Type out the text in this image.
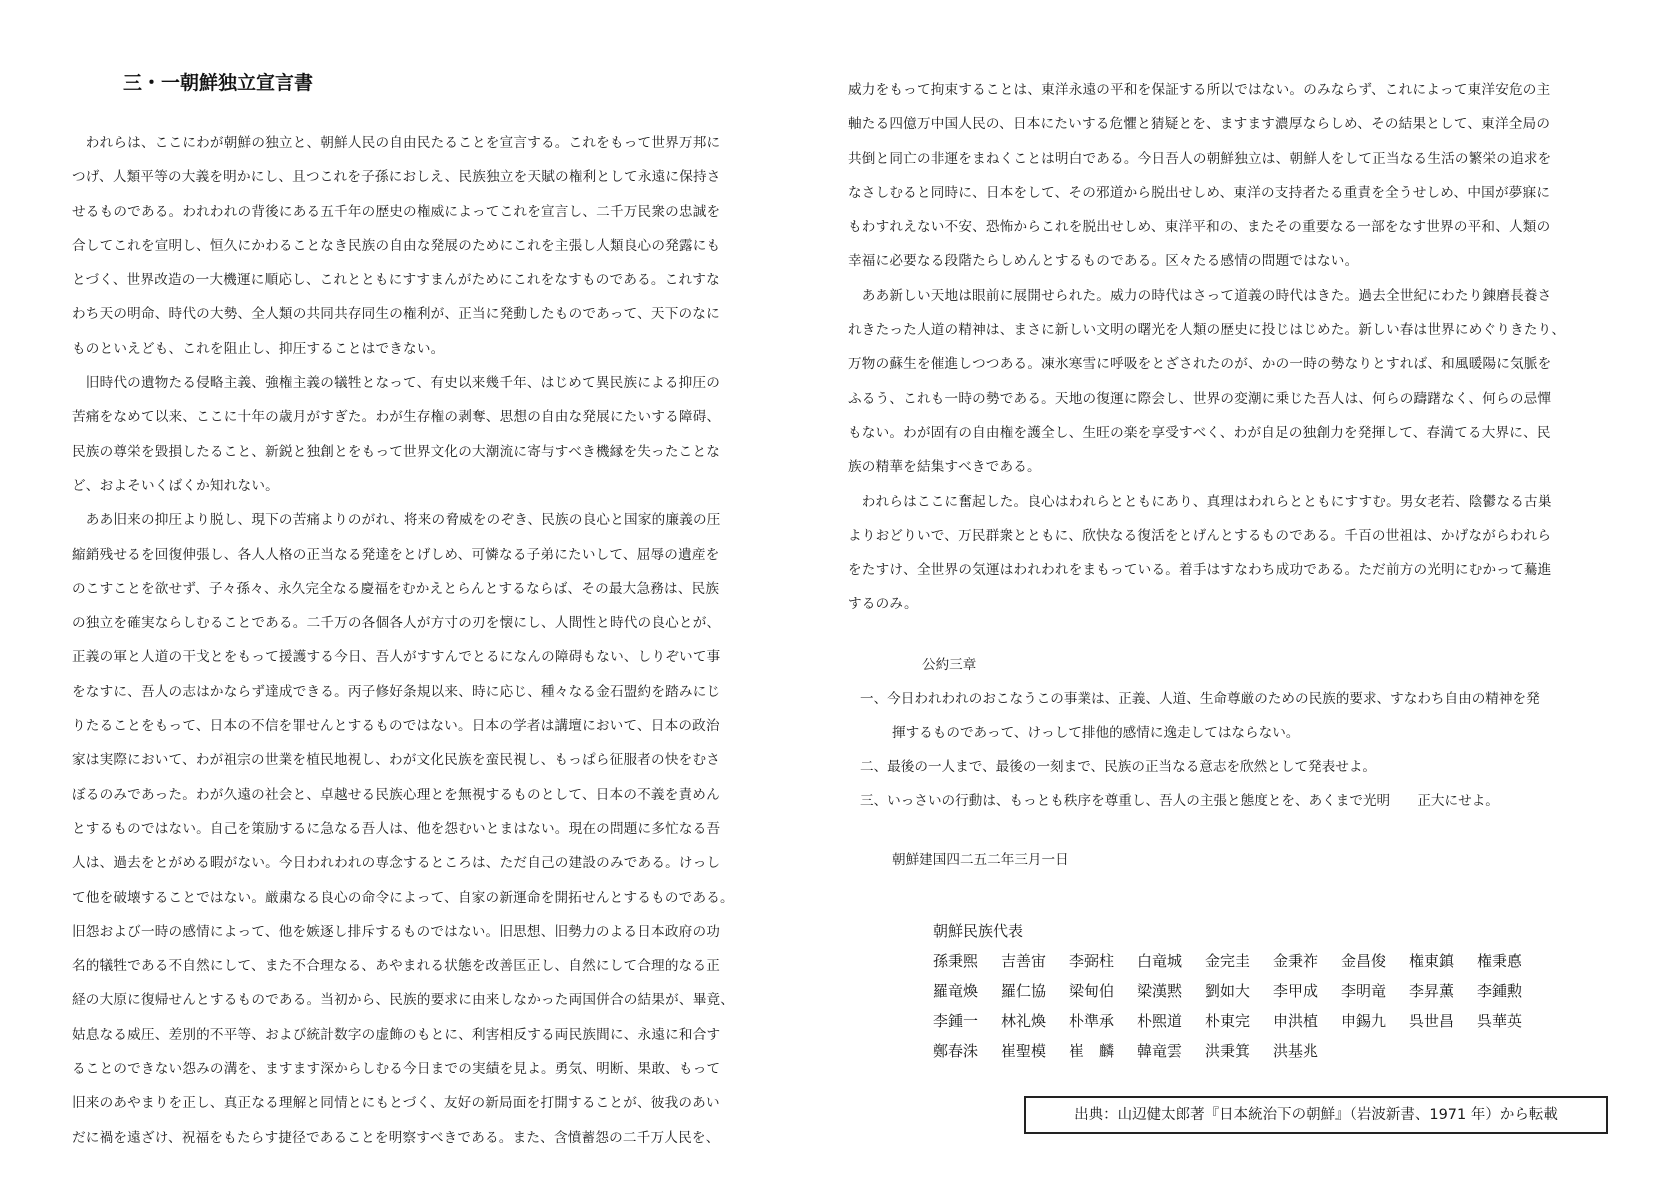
三・一朝鮮独立宣言書
　われらは、ここにわが朝鮮の独立と、朝鮮人民の自由民たることを宣言する。これをもって世界万邦に
つげ、人類平等の大義を明かにし、且つこれを子孫におしえ、民族独立を天賦の権利として永遠に保持さ
せるものである。われわれの背後にある五千年の歴史の権威によってこれを宣言し、二千万民衆の忠誠を
合してこれを宣明し、恒久にかわることなき民族の自由な発展のためにこれを主張し人類良心の発露にも
とづく、世界改造の一大機運に順応し、これとともにすすまんがためにこれをなすものである。これすな
わち天の明命、時代の大勢、全人類の共同共存同生の権利が、正当に発動したものであって、天下のなに
ものといえども、これを阻止し、抑圧することはできない。
　旧時代の遺物たる侵略主義、強権主義の犠牲となって、有史以来幾千年、はじめて異民族による抑圧の
苦痛をなめて以来、ここに十年の歳月がすぎた。わが生存権の剥奪、思想の自由な発展にたいする障碍、
民族の尊栄を毀損したること、新鋭と独創とをもって世界文化の大潮流に寄与すべき機縁を失ったことな
ど、およそいくばくか知れない。
　ああ旧来の抑圧より脱し、現下の苦痛よりのがれ、将来の脅威をのぞき、民族の良心と国家的廉義の圧
縮銷残せるを回復伸張し、各人人格の正当なる発達をとげしめ、可憐なる子弟にたいして、屈辱の遺産を
のこすことを欲せず、子々孫々、永久完全なる慶福をむかえとらんとするならば、その最大急務は、民族
の独立を確実ならしむることである。二千万の各個各人が方寸の刃を懐にし、人間性と時代の良心とが、
正義の軍と人道の干戈とをもって援護する今日、吾人がすすんでとるになんの障碍もない、しりぞいて事
をなすに、吾人の志はかならず達成できる。丙子修好条規以来、時に応じ、種々なる金石盟約を踏みにじ
りたることをもって、日本の不信を罪せんとするものではない。日本の学者は講壇において、日本の政治
家は実際において、わが祖宗の世業を植民地視し、わが文化民族を蛮民視し、もっぱら征服者の快をむさ
ぼるのみであった。わが久遠の社会と、卓越せる民族心理とを無視するものとして、日本の不義を責めん
とするものではない。自己を策励するに急なる吾人は、他を怨むいとまはない。現在の問題に多忙なる吾
人は、過去をとがめる暇がない。今日われわれの専念するところは、ただ自己の建設のみである。けっし
て他を破壊することではない。厳粛なる良心の命令によって、自家の新運命を開拓せんとするものである。
旧怨および一時の感情によって、他を嫉逐し排斥するものではない。旧思想、旧勢力のよる日本政府の功
名的犠牲である不自然にして、また不合理なる、あやまれる状態を改善匡正し、自然にして合理的なる正
経の大原に復帰せんとするものである。当初から、民族的要求に由来しなかった両国併合の結果が、畢竟、
姑息なる威圧、差別的不平等、および統計数字の虚飾のもとに、利害相反する両民族間に、永遠に和合す
ることのできない怨みの溝を、ますます深からしむる今日までの実績を見よ。勇気、明断、果敢、もって
旧来のあやまりを正し、真正なる理解と同情とにもとづく、友好の新局面を打開することが、彼我のあい
だに禍を遠ざけ、祝福をもたらす捷径であることを明察すべきである。また、含憤蓄怨の二千万人民を、
威力をもって拘束することは、東洋永遠の平和を保証する所以ではない。のみならず、これによって東洋安危の主
軸たる四億万中国人民の、日本にたいする危懼と猜疑とを、ますます濃厚ならしめ、その結果として、東洋全局の
共倒と同亡の非運をまねくことは明白である。今日吾人の朝鮮独立は、朝鮮人をして正当なる生活の繁栄の追求を
なさしむると同時に、日本をして、その邪道から脱出せしめ、東洋の支持者たる重責を全うせしめ、中国が夢寐に
もわすれえない不安、恐怖からこれを脱出せしめ、東洋平和の、またその重要なる一部をなす世界の平和、人類の
幸福に必要なる段階たらしめんとするものである。区々たる感情の問題ではない。
　ああ新しい天地は眼前に展開せられた。威力の時代はさって道義の時代はきた。過去全世紀にわたり錬磨長養さ
れきたった人道の精神は、まさに新しい文明の曙光を人類の歴史に投じはじめた。新しい春は世界にめぐりきたり、
万物の蘇生を催進しつつある。凍氷寒雪に呼吸をとざされたのが、かの一時の勢なりとすれば、和風暖陽に気脈を
ふるう、これも一時の勢である。天地の復運に際会し、世界の変潮に乗じた吾人は、何らの躊躇なく、何らの忌憚
もない。わが固有の自由権を護全し、生旺の楽を享受すべく、わが自足の独創力を発揮して、春満てる大界に、民
族の精華を結集すべきである。
　われらはここに奮起した。良心はわれらとともにあり、真理はわれらとともにすすむ。男女老若、陰鬱なる古巣
よりおどりいで、万民群衆とともに、欣快なる復活をとげんとするものである。千百の世祖は、かげながらわれら
をたすけ、全世界の気運はわれわれをまもっている。着手はすなわち成功である。ただ前方の光明にむかって驀進
するのみ。
公約三章
一、今日われわれのおこなうこの事業は、正義、人道、生命尊厳のための民族的要求、すなわち自由の精神を発
揮するものであって、けっして排他的感情に逸走してはならない。
二、最後の一人まで、最後の一刻まで、民族の正当なる意志を欣然として発表せよ。
三、いっさいの行動は、もっとも秩序を尊重し、吾人の主張と態度とを、あくまで光明　　正大にせよ。
朝鮮建国四二五二年三月一日
朝鮮民族代表
孫秉煕	吉善宙	李弼柱	白竜城	金完圭	金秉祚	金昌俊	権東鎮	権秉悳
羅竜煥	羅仁協	梁甸伯	梁漢黙	劉如大	李甲成	李明竜	李昇薫	李鍾勲
李鍾一	林礼煥	朴準承	朴煕道	朴東完	申洪植	申錫九	呉世昌	呉華英
鄭春洙	崔聖模	崔　麟	韓竜雲	洪秉箕	洪基兆
出典：山辺健太郎著『日本統治下の朝鮮』（岩波新書、1971 年）から転載
